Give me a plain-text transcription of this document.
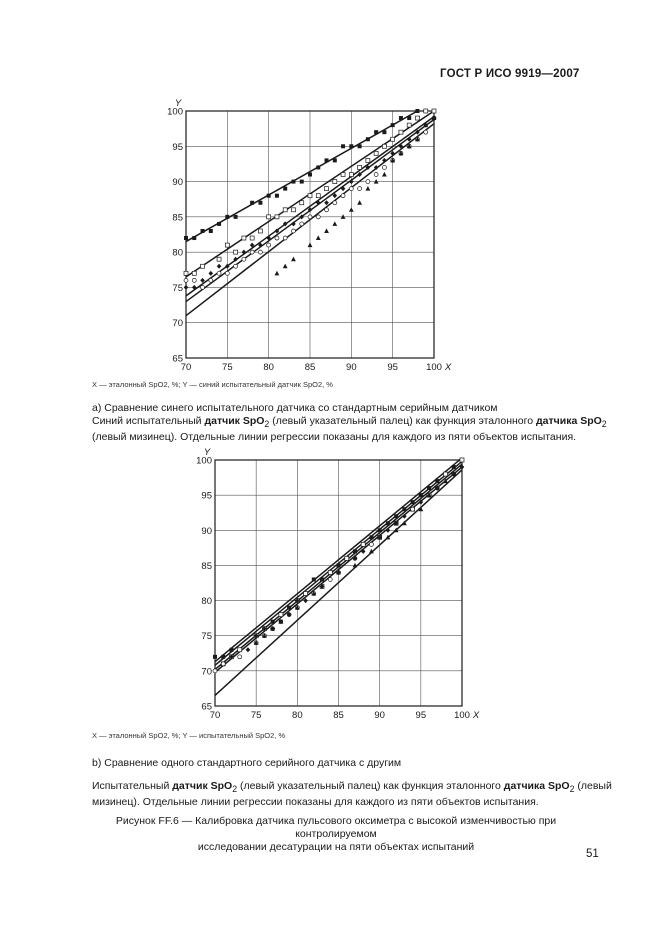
ГОСТ Р ИСО 9919—2007
70	75	80	85	90	95	100
65
70
75
80
85
90
95
100
X
Y
70	75	80	85	90	95	100
65
70
75
80
85
90
95
100
X
Y
X — эталонный SpO2, %; Y — синий испытательный датчик SpO2, %
а) Сравнение синего испытательного датчика со стандартным серийным датчиком
Синий испытательный датчик SpO$_2$ (левый указательный палец) как функция эталонного датчика SpO$_2$ (левый мизинец). Отдельные линии регрессии показаны для каждого из пяти объектов испытания.
X — эталонный SpO2, %; Y — испытательный SpO2, %
b) Сравнение одного стандартного серийного датчика с другим
Испытательный датчик SpO$_2$ (левый указательный палец) как функция эталонного датчика SpO$_2$ (левый мизинец). Отдельные линии регрессии показаны для каждого из пяти объектов испытания.
Рисунок FF.6 — Калибровка датчика пульсового оксиметра с высокой изменчивостью при контролируемом
исследовании десатурации на пяти объектах испытаний
51
